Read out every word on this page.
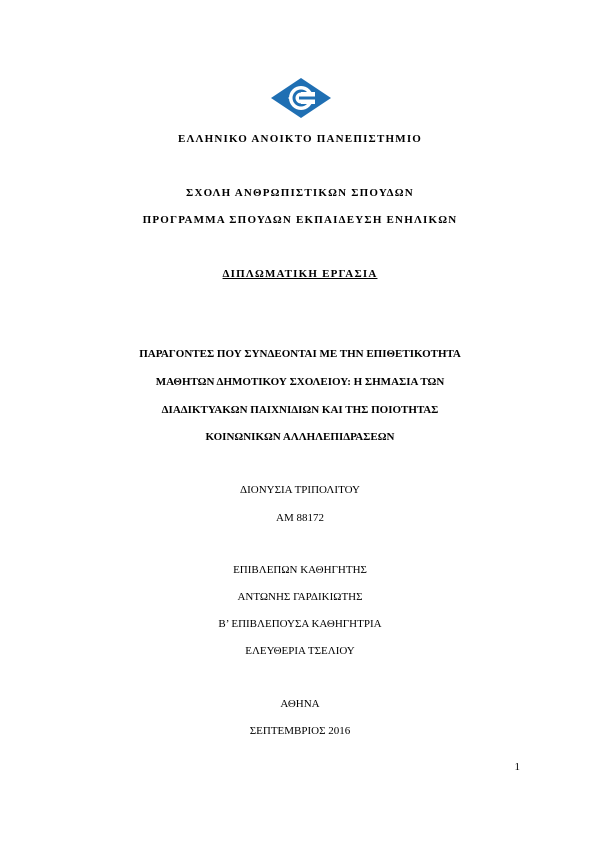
ΕΛΛΗΝΙΚΟ ΑΝΟΙΚΤΟ ΠΑΝΕΠΙΣΤΗΜΙΟ
ΣΧΟΛΗ ΑΝΘΡΩΠΙΣΤΙΚΩΝ ΣΠΟΥΔΩΝ
ΠΡΟΓΡΑΜΜΑ ΣΠΟΥΔΩΝ ΕΚΠΑΙΔΕΥΣΗ ΕΝΗΛΙΚΩΝ
ΔΙΠΛΩΜΑΤΙΚΗ ΕΡΓΑΣΙΑ
ΠΑΡΑΓΟΝΤΕΣ ΠΟΥ ΣΥΝΔΕΟΝΤΑΙ ΜΕ ΤΗΝ ΕΠΙΘΕΤΙΚΟΤΗΤΑ
ΜΑΘΗΤΩΝ ΔΗΜΟΤΙΚΟΥ ΣΧΟΛΕΙΟΥ: Η ΣΗΜΑΣΙΑ ΤΩΝ
ΔΙΑΔΙΚΤΥΑΚΩΝ ΠΑΙΧΝΙΔΙΩΝ ΚΑΙ ΤΗΣ ΠΟΙΟΤΗΤΑΣ
ΚΟΙΝΩΝΙΚΩΝ ΑΛΛΗΛΕΠΙΔΡΑΣΕΩΝ
ΔΙΟΝΥΣΙΑ ΤΡΙΠΟΛΙΤΟΥ
ΑΜ 88172
ΕΠΙΒΛΕΠΩΝ ΚΑΘΗΓΗΤΗΣ
ΑΝΤΩΝΗΣ ΓΑΡΔΙΚΙΩΤΗΣ
Β’ ΕΠΙΒΛΕΠΟΥΣΑ ΚΑΘΗΓΗΤΡΙΑ
ΕΛΕΥΘΕΡΙΑ ΤΣΕΛΙΟΥ
ΑΘΗΝΑ
ΣΕΠΤΕΜΒΡΙΟΣ 2016
1
